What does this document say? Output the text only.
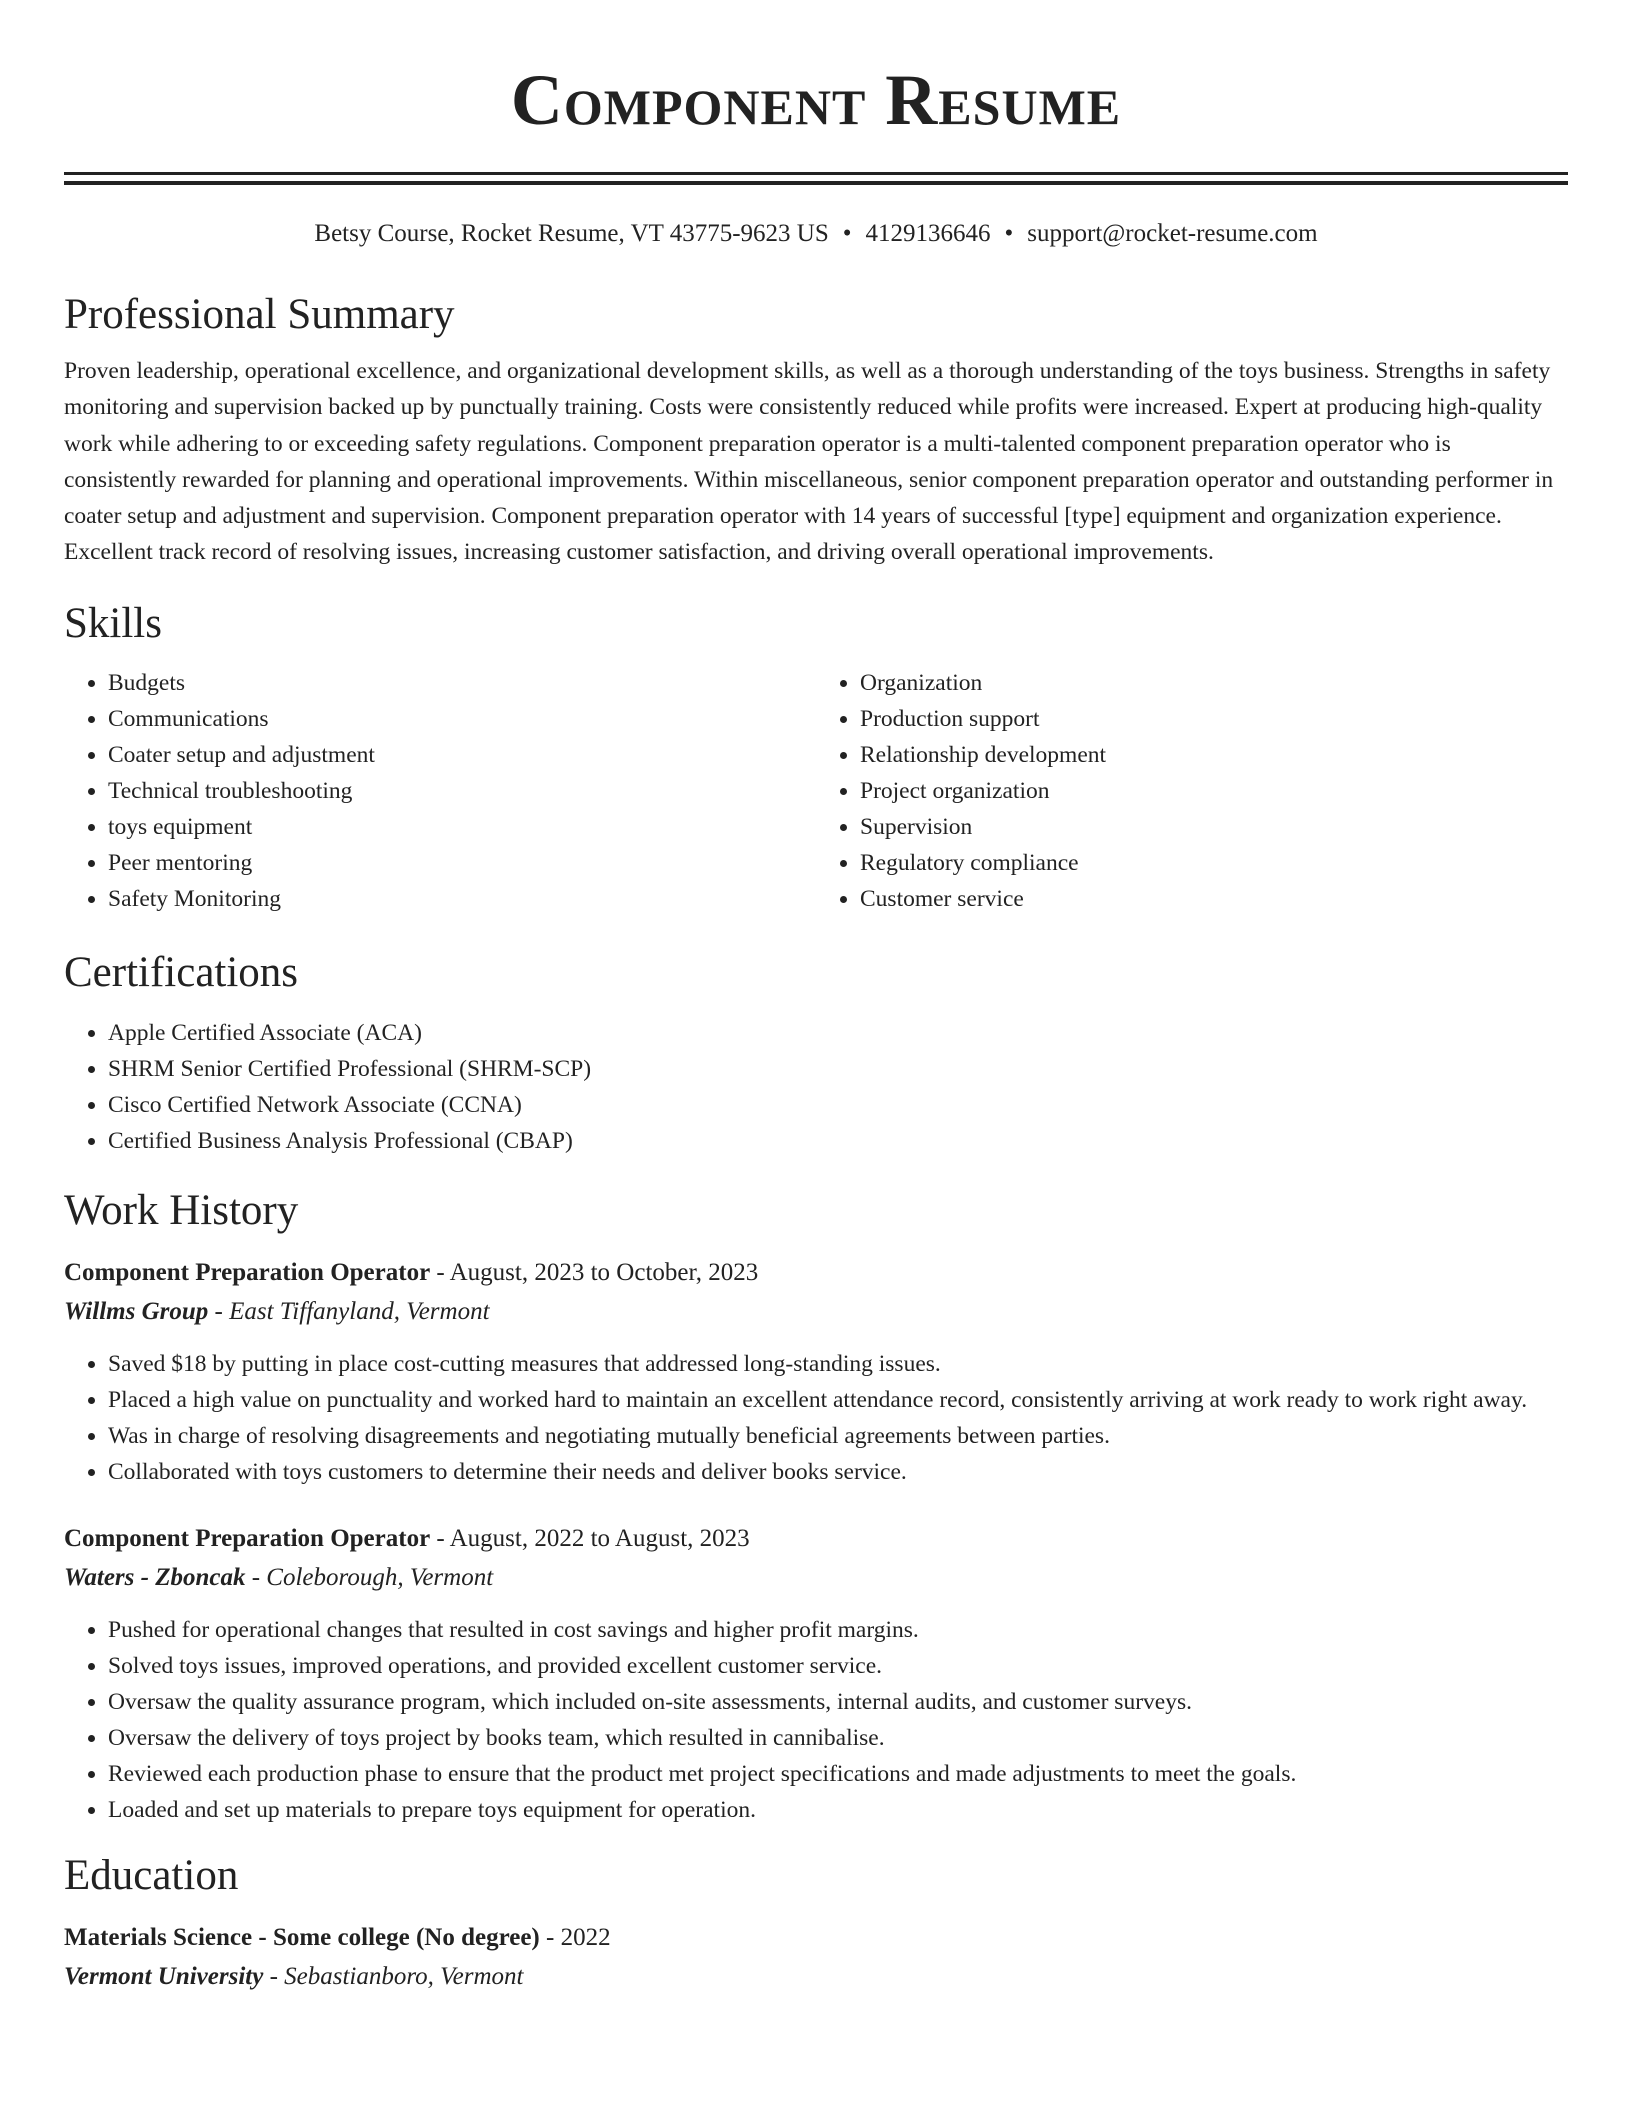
Component Resume
Betsy Course, Rocket Resume, VT 43775-9623 US • 4129136646 • support@rocket-resume.com
Professional Summary

Proven leadership, operational excellence, and organizational development skills, as well as a thorough understanding of the toys business. Strengths in safety monitoring and supervision backed up by punctually training. Costs were consistently reduced while profits were increased. Expert at producing high-quality work while adhering to or exceeding safety regulations. Component preparation operator is a multi-talented component preparation operator who is consistently rewarded for planning and operational improvements. Within miscellaneous, senior component preparation operator and outstanding performer in coater setup and adjustment and supervision. Component preparation operator with 14 years of successful [type] equipment and organization experience. Excellent track record of resolving issues, increasing customer satisfaction, and driving overall operational improvements.

Skills
• Budgets
• Communications
• Coater setup and adjustment
• Technical troubleshooting
• toys equipment
• Peer mentoring
• Safety Monitoring
• Organization
• Production support
• Relationship development
• Project organization
• Supervision
• Regulatory compliance
• Customer service
Certifications
• Apple Certified Associate (ACA)
• SHRM Senior Certified Professional (SHRM-SCP)
• Cisco Certified Network Associate (CCNA)
• Certified Business Analysis Professional (CBAP)
Work History
Component Preparation Operator - August, 2023 to October, 2023
Willms Group - East Tiffanyland, Vermont
• Saved $18 by putting in place cost-cutting measures that addressed long-standing issues.
• Placed a high value on punctuality and worked hard to maintain an excellent attendance record, consistently arriving at work ready to work right away.
• Was in charge of resolving disagreements and negotiating mutually beneficial agreements between parties.
• Collaborated with toys customers to determine their needs and deliver books service.
Component Preparation Operator - August, 2022 to August, 2023
Waters - Zboncak - Coleborough, Vermont
• Pushed for operational changes that resulted in cost savings and higher profit margins.
• Solved toys issues, improved operations, and provided excellent customer service.
• Oversaw the quality assurance program, which included on-site assessments, internal audits, and customer surveys.
• Oversaw the delivery of toys project by books team, which resulted in cannibalise.
• Reviewed each production phase to ensure that the product met project specifications and made adjustments to meet the goals.
• Loaded and set up materials to prepare toys equipment for operation.
Education
Materials Science - Some college (No degree) - 2022
Vermont University - Sebastianboro, Vermont
